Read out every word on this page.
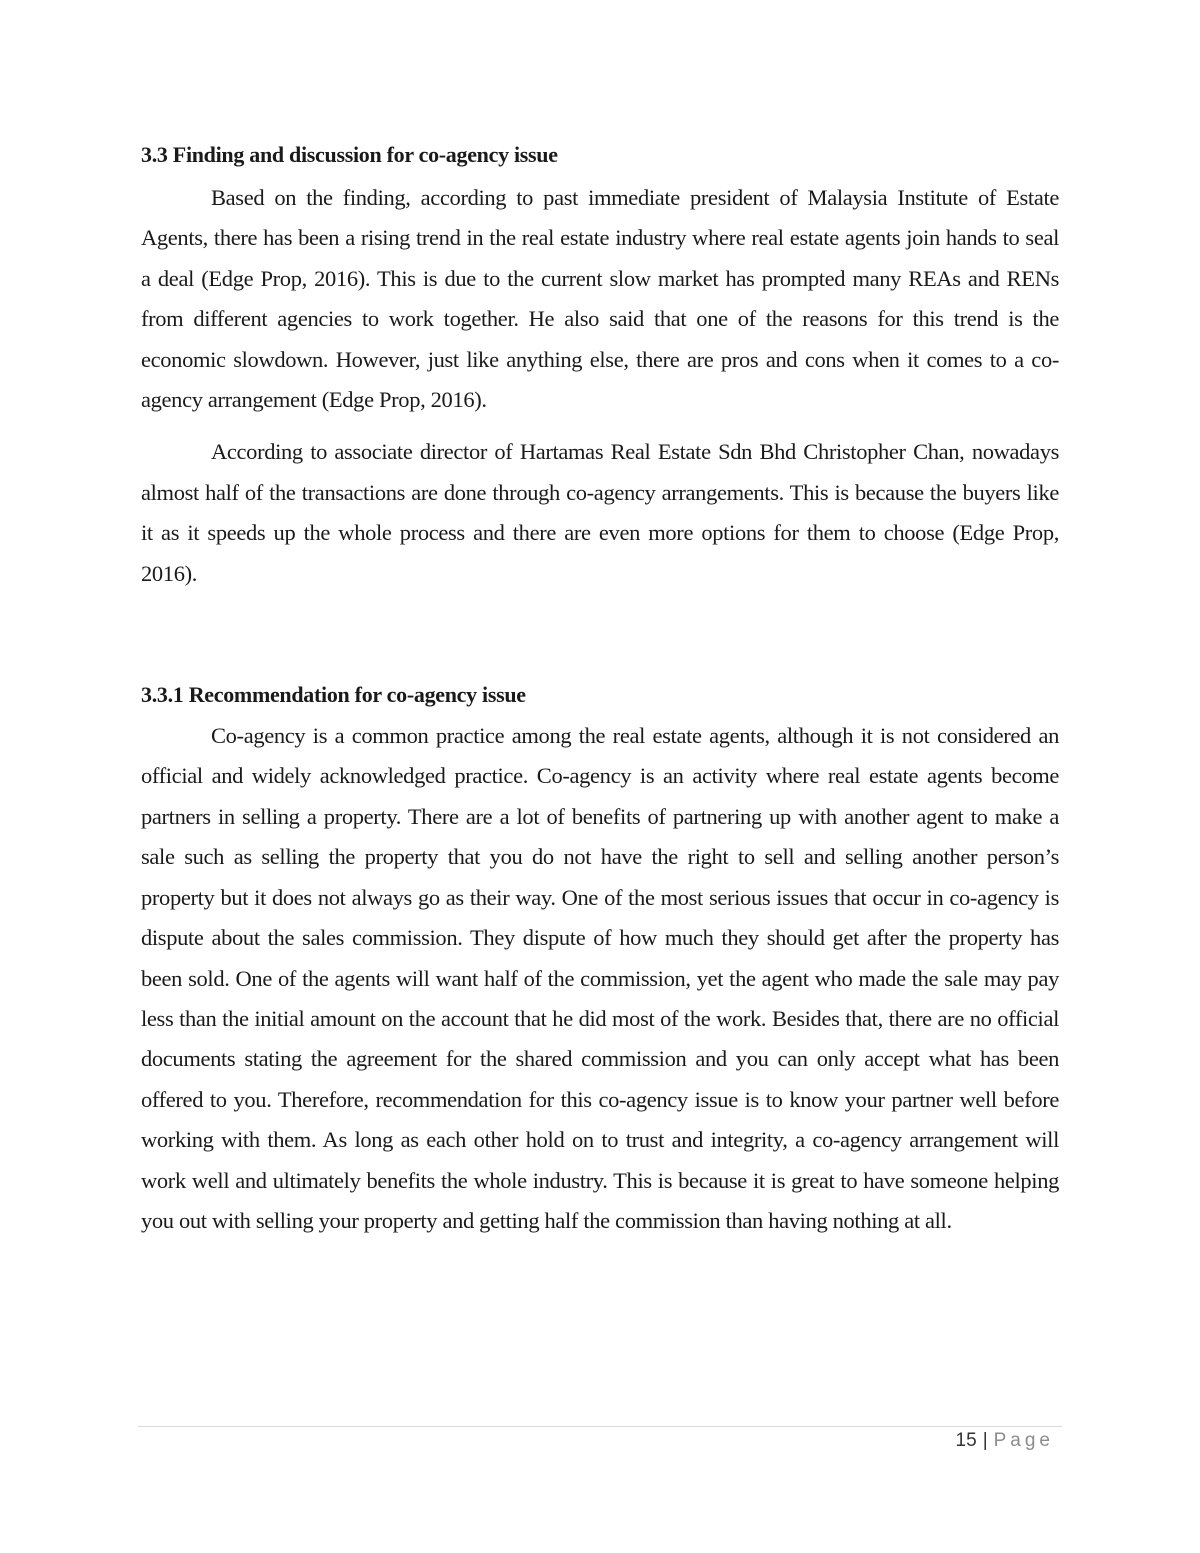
3.3 Finding and discussion for co-agency issue

Based on the finding, according to past immediate president of Malaysia Institute of Estate Agents, there has been a rising trend in the real estate industry where real estate agents join hands to seal a deal (Edge Prop, 2016). This is due to the current slow market has prompted many REAs and RENs from different agencies to work together. He also said that one of the reasons for this trend is the economic slowdown. However, just like anything else, there are pros and cons when it comes to a co-agency arrangement (Edge Prop, 2016).

According to associate director of Hartamas Real Estate Sdn Bhd Christopher Chan, nowadays almost half of the transactions are done through co-agency arrangements. This is because the buyers like it as it speeds up the whole process and there are even more options for them to choose (Edge Prop, 2016).

3.3.1 Recommendation for co-agency issue

Co-agency is a common practice among the real estate agents, although it is not considered an official and widely acknowledged practice. Co-agency is an activity where real estate agents become partners in selling a property. There are a lot of benefits of partnering up with another agent to make a sale such as selling the property that you do not have the right to sell and selling another person’s property but it does not always go as their way. One of the most serious issues that occur in co-agency is dispute about the sales commission. They dispute of how much they should get after the property has been sold. One of the agents will want half of the commission, yet the agent who made the sale may pay less than the initial amount on the account that he did most of the work. Besides that, there are no official documents stating the agreement for the shared commission and you can only accept what has been offered to you. Therefore, recommendation for this co-agency issue is to know your partner well before working with them. As long as each other hold on to trust and integrity, a co-agency arrangement will work well and ultimately benefits the whole industry. This is because it is great to have someone helping you out with selling your property and getting half the commission than having nothing at all.

15 | Page
